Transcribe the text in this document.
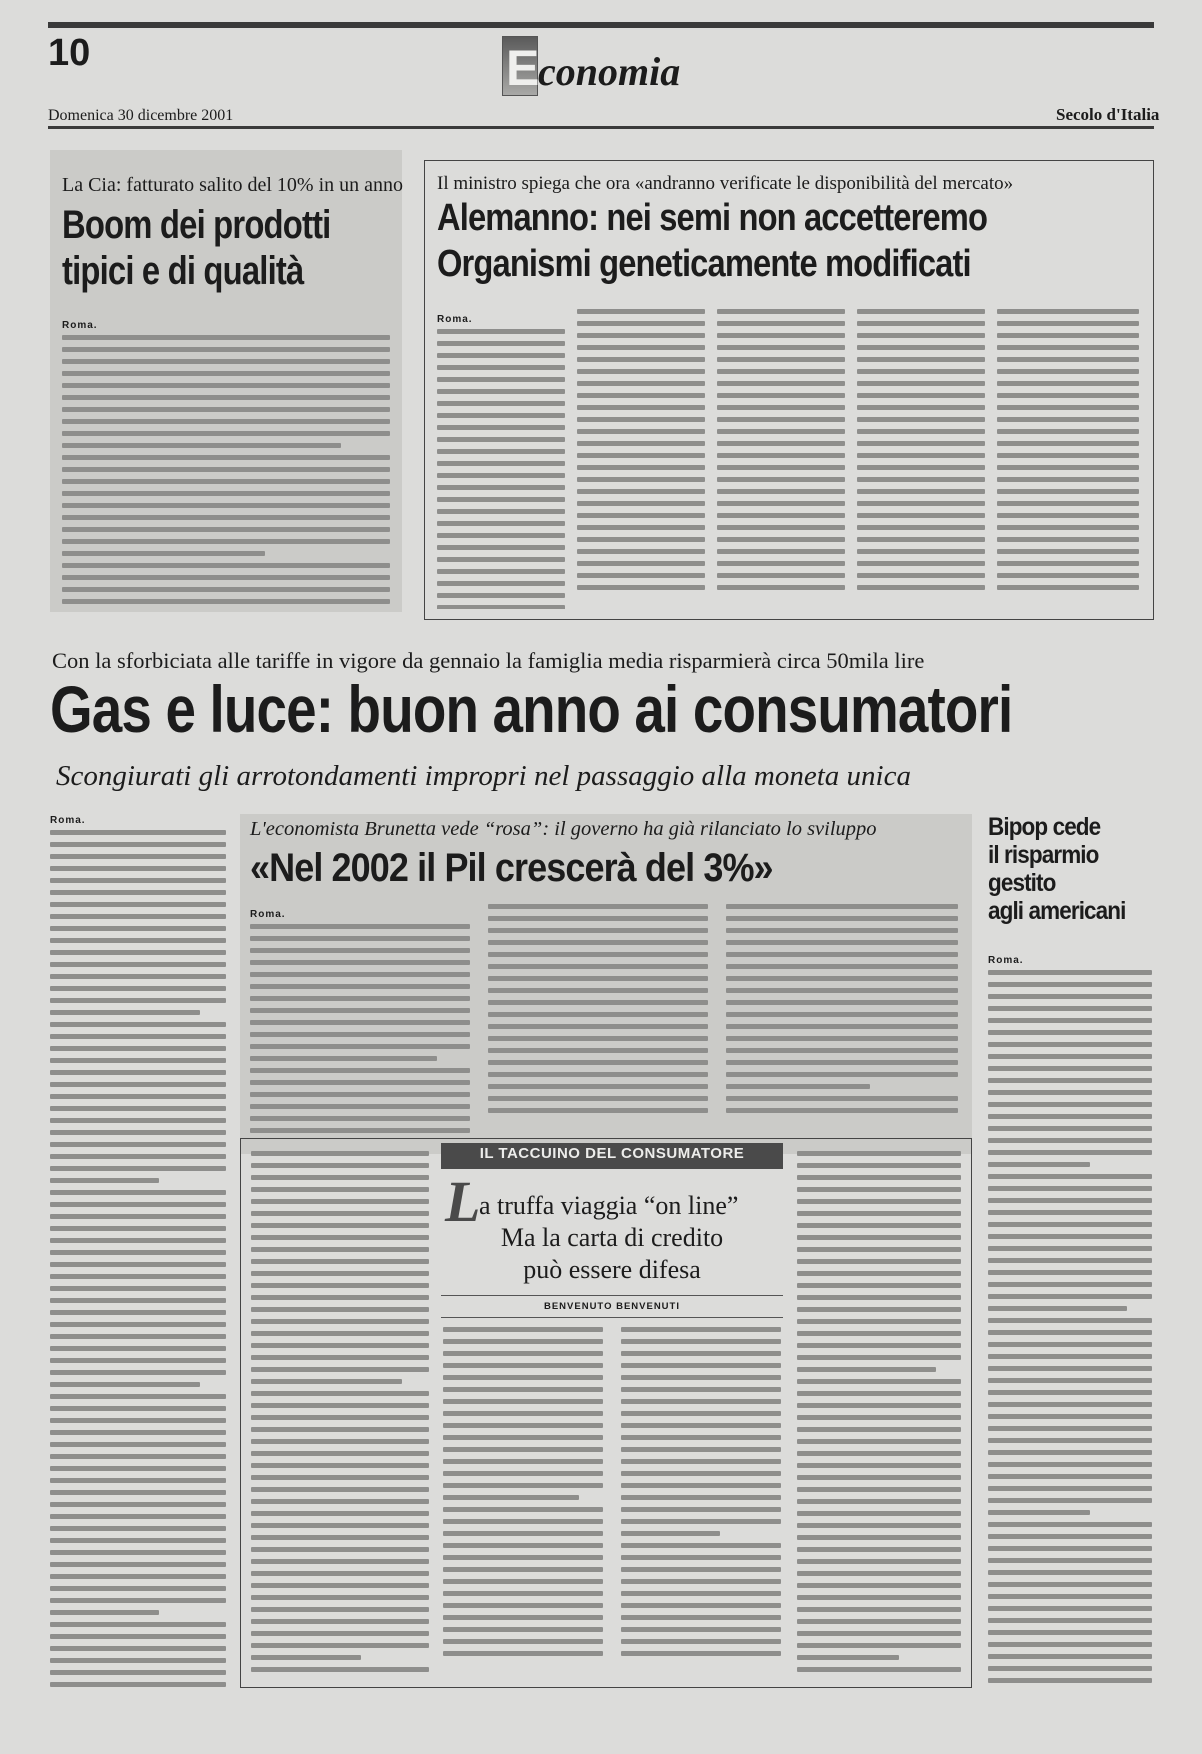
10	E
conomia
Domenica 30 dicembre 2001	Secolo d'Italia
La Cia: fatturato salito del 10% in un anno
Boom dei prodotti
tipici e di qualità
Roma.
Il ministro spiega che ora «andranno verificate le disponibilità del mercato»
Alemanno: nei semi non accetteremo
Organismi geneticamente modificati
Roma.
Con la sforbiciata alle tariffe in vigore da gennaio la famiglia media risparmierà circa 50mila lire
Gas e luce: buon anno ai consumatori
Scongiurati gli arrotondamenti impropri nel passaggio alla moneta unica
Roma.	L'economista Brunetta vede “rosa”: il governo ha già rilanciato lo sviluppo
«Nel 2002 il Pil crescerà del 3%»
Roma.
Bipop cede
il risparmio
gestito
agli americani
Roma.
IL TACCUINO DEL CONSUMATORE
L
a truffa viaggia “on line”
Ma la carta di credito
può essere difesa
BENVENUTO BENVENUTI
